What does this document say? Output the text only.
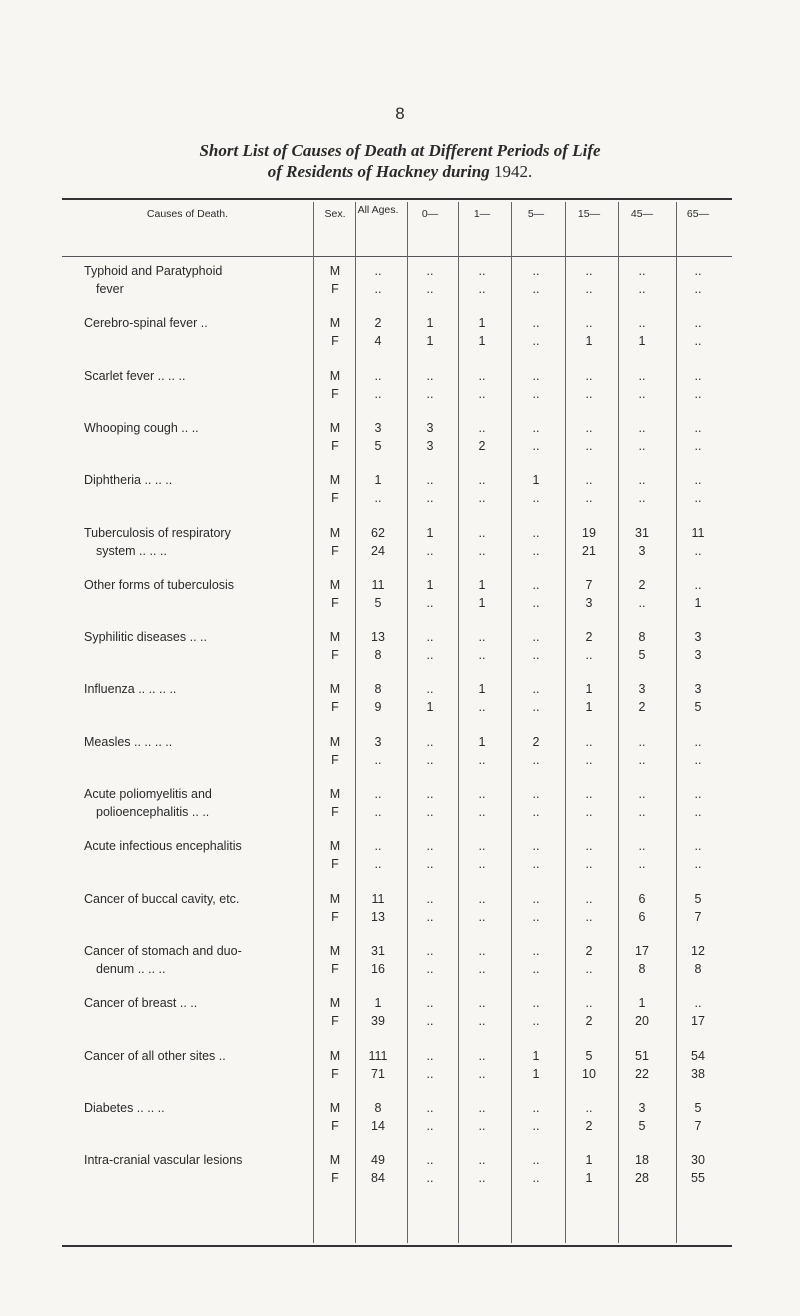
8
Short List of Causes of Death at Different Periods of Life
of Residents of Hackney during 1942.
Causes of Death.	Sex.	All Ages.	0—	1—	5—	15—	45—	65—
Typhoid and Paratyphoid
fever
M	..	..	..	..	..	..	..
F	..	..	..	..	..	..	..
Cerebro-spinal fever ..	M	2	1	1	..	..	..	..
F	4	1	1	..	1	1	..
Scarlet fever .. .. ..	M	..	..	..	..	..	..	..
F	..	..	..	..	..	..	..
Whooping cough .. ..	M	3	3	..	..	..	..	..
F	5	3	2	..	..	..	..
Diphtheria .. .. ..	M	1	..	..	1	..	..	..
F	..	..	..	..	..	..	..
Tuberculosis of respiratory
system .. .. ..
M	62	1	..	..	19	31	11
F	24	..	..	..	21	3	..
Other forms of tuberculosis	M	11	1	1	..	7	2	..
F	5	..	1	..	3	..	1
Syphilitic diseases .. ..	M	13	..	..	..	2	8	3
F	8	..	..	..	..	5	3
Influenza .. .. .. ..	M	8	..	1	..	1	3	3
F	9	1	..	..	1	2	5
Measles .. .. .. ..	M	3	..	1	2	..	..	..
F	..	..	..	..	..	..	..
Acute poliomyelitis and
polioencephalitis .. ..
M	..	..	..	..	..	..	..
F	..	..	..	..	..	..	..
Acute infectious encephalitis	M	..	..	..	..	..	..	..
F	..	..	..	..	..	..	..
Cancer of buccal cavity, etc.	M	11	..	..	..	..	6	5
F	13	..	..	..	..	6	7
Cancer of stomach and duo-
denum .. .. ..
M	31	..	..	..	2	17	12
F	16	..	..	..	..	8	8
Cancer of breast .. ..	M	1	..	..	..	..	1	..
F	39	..	..	..	2	20	17
Cancer of all other sites ..	M	111	..	..	1	5	51	54
F	71	..	..	1	10	22	38
Diabetes .. .. ..	M	8	..	..	..	..	3	5
F	14	..	..	..	2	5	7
Intra-cranial vascular lesions	M	49	..	..	..	1	18	30
F	84	..	..	..	1	28	55
